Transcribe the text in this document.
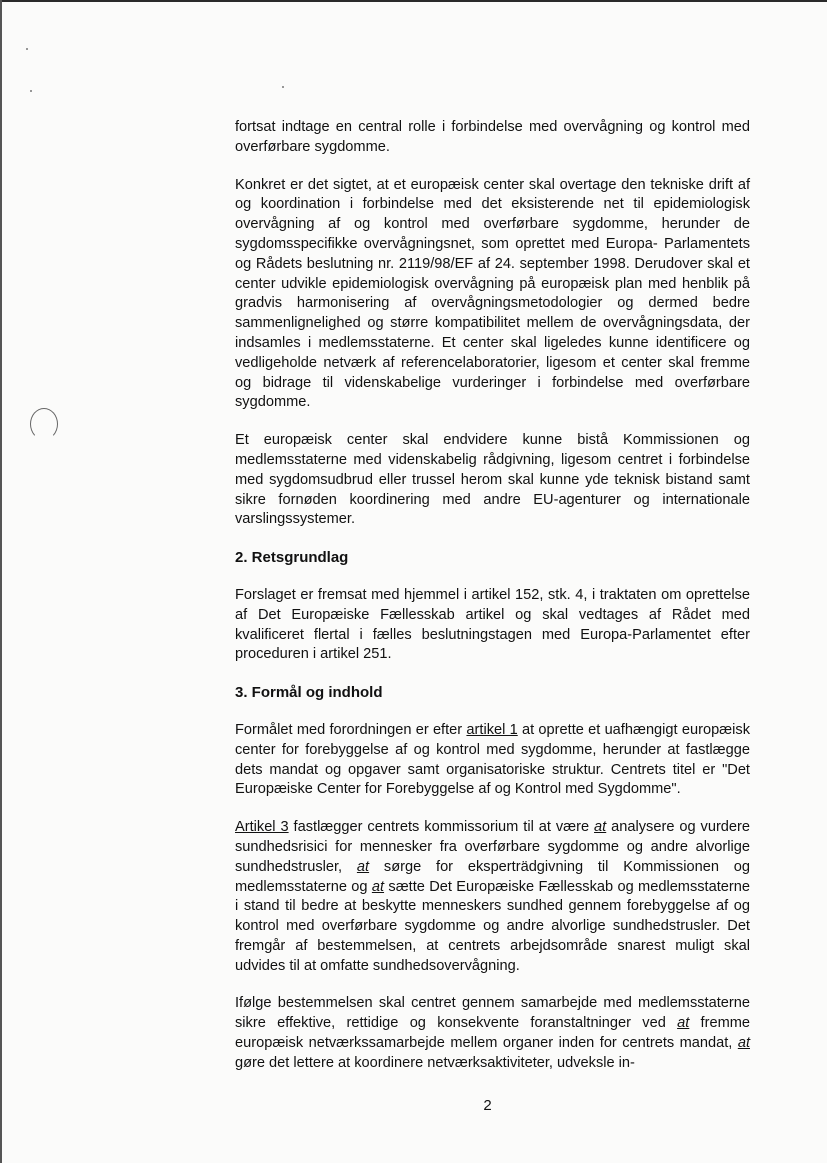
fortsat indtage en central rolle i forbindelse med overvågning og kontrol med overførbare sygdomme.

Konkret er det sigtet, at et europæisk center skal overtage den tekniske drift af og koordination i forbindelse med det eksisterende net til epidemiologisk overvågning af og kontrol med overførbare sygdomme, herunder de sygdomsspecifikke overvågningsnet, som oprettet med Europa- Parlamentets og Rådets beslutning nr. 2119/98/EF af 24. september 1998. Derudover skal et center udvikle epidemiologisk overvågning på europæisk plan med henblik på gradvis harmonisering af overvågningsmetodologier og dermed bedre sammenlignelighed og større kompatibilitet mellem de overvågningsdata, der indsamles i medlemsstaterne. Et center skal ligeledes kunne identificere og vedligeholde netværk af referencelaboratorier, ligesom et center skal fremme og bidrage til videnskabelige vurderinger i forbindelse med overførbare sygdomme.

Et europæisk center skal endvidere kunne bistå Kommissionen og medlemsstaterne med videnskabelig rådgivning, ligesom centret i forbindelse med sygdomsudbrud eller trussel herom skal kunne yde teknisk bistand samt sikre fornøden koordinering med andre EU-agenturer og internationale varslingssystemer.

2. Retsgrundlag

Forslaget er fremsat med hjemmel i artikel 152, stk. 4, i traktaten om oprettelse af Det Europæiske Fællesskab artikel og skal vedtages af Rådet med kvalificeret flertal i fælles beslutningstagen med Europa-Parlamentet efter proceduren i artikel 251.

3. Formål og indhold

Formålet med forordningen er efter artikel 1 at oprette et uafhængigt europæisk center for forebyggelse af og kontrol med sygdomme, herunder at fastlægge dets mandat og opgaver samt organisatoriske struktur. Centrets titel er "Det Europæiske Center for Forebyggelse af og Kontrol med Sygdomme".

Artikel 3 fastlægger centrets kommissorium til at være at analysere og vurdere sundhedsrisici for mennesker fra overførbare sygdomme og andre alvorlige sundhedstrusler, at sørge for eksperträdgivning til Kommissionen og medlemsstaterne og at sætte Det Europæiske Fællesskab og medlemsstaterne i stand til bedre at beskytte menneskers sundhed gennem forebyggelse af og kontrol med overførbare sygdomme og andre alvorlige sundhedstrusler. Det fremgår af bestemmelsen, at centrets arbejdsområde snarest muligt skal udvides til at omfatte sundhedsovervågning.

Ifølge bestemmelsen skal centret gennem samarbejde med medlemsstaterne sikre effektive, rettidige og konsekvente foranstaltninger ved at fremme europæisk netværkssamarbejde mellem organer inden for centrets mandat, at gøre det lettere at koordinere netværksaktiviteter, udveksle in-

2
